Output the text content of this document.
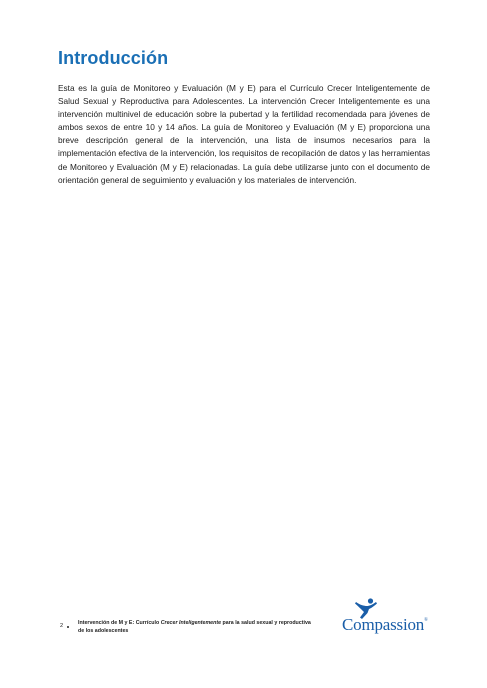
Introducción

Esta es la guía de Monitoreo y Evaluación (M y E) para el Currículo Crecer Inteligentemente de Salud Sexual y Reproductiva para Adolescentes. La intervención Crecer Inteligentemente es una intervención multinivel de educación sobre la pubertad y la fertilidad recomendada para jóvenes de ambos sexos de entre 10 y 14 años. La guía de Monitoreo y Evaluación (M y E) proporciona una breve descripción general de la intervención, una lista de insumos necesarios para la implementación efectiva de la intervención, los requisitos de recopilación de datos y las herramientas de Monitoreo y Evaluación (M y E) relacionadas. La guía debe utilizarse junto con el documento de orientación general de seguimiento y evaluación y los materiales de intervención.

2	Intervención de M y E: Currículo Crecer Inteligentemente para la salud sexual y reproductiva de los adolescentes	Compassion®
